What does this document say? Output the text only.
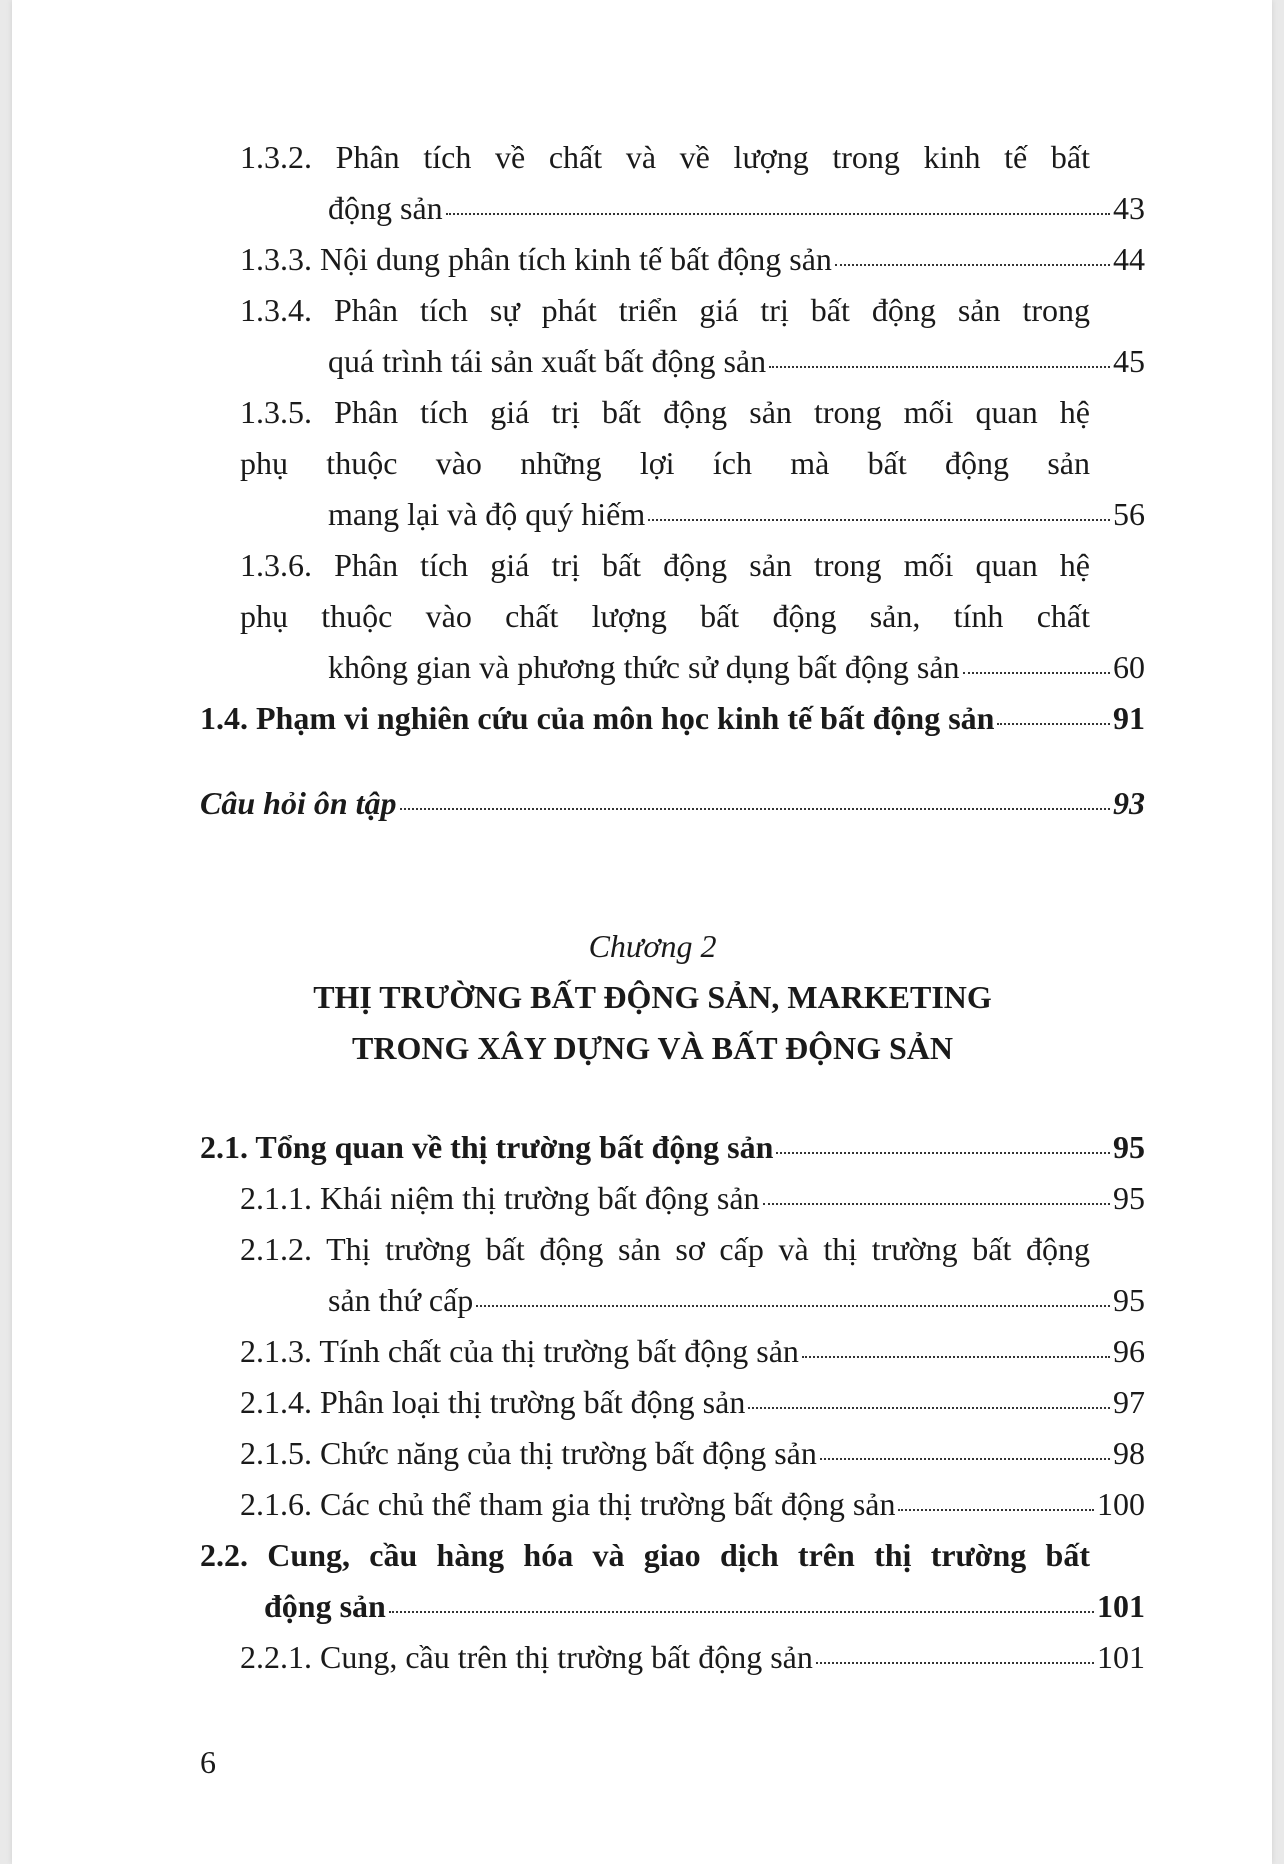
1.3.2. Phân tích về chất và về lượng trong kinh tế bất
động sản	43
1.3.3. Nội dung phân tích kinh tế bất động sản	44
1.3.4. Phân tích sự phát triển giá trị bất động sản trong
quá trình tái sản xuất bất động sản	45
1.3.5. Phân tích giá trị bất động sản trong mối quan hệ
phụ thuộc vào những lợi ích mà bất động sản
mang lại và độ quý hiếm	56
1.3.6. Phân tích giá trị bất động sản trong mối quan hệ
phụ thuộc vào chất lượng bất động sản, tính chất
không gian và phương thức sử dụng bất động sản	60
1.4. Phạm vi nghiên cứu của môn học kinh tế bất động sản	91
Câu hỏi ôn tập	93
Chương 2
THỊ TRƯỜNG BẤT ĐỘNG SẢN, MARKETING
TRONG XÂY DỰNG VÀ BẤT ĐỘNG SẢN
2.1. Tổng quan về thị trường bất động sản	95
2.1.1. Khái niệm thị trường bất động sản	95
2.1.2. Thị trường bất động sản sơ cấp và thị trường bất động
sản thứ cấp	95
2.1.3. Tính chất của thị trường bất động sản	96
2.1.4. Phân loại thị trường bất động sản	97
2.1.5. Chức năng của thị trường bất động sản	98
2.1.6. Các chủ thể tham gia thị trường bất động sản	100
2.2. Cung, cầu hàng hóa và giao dịch trên thị trường bất
động sản	101
2.2.1. Cung, cầu trên thị trường bất động sản	101
6
